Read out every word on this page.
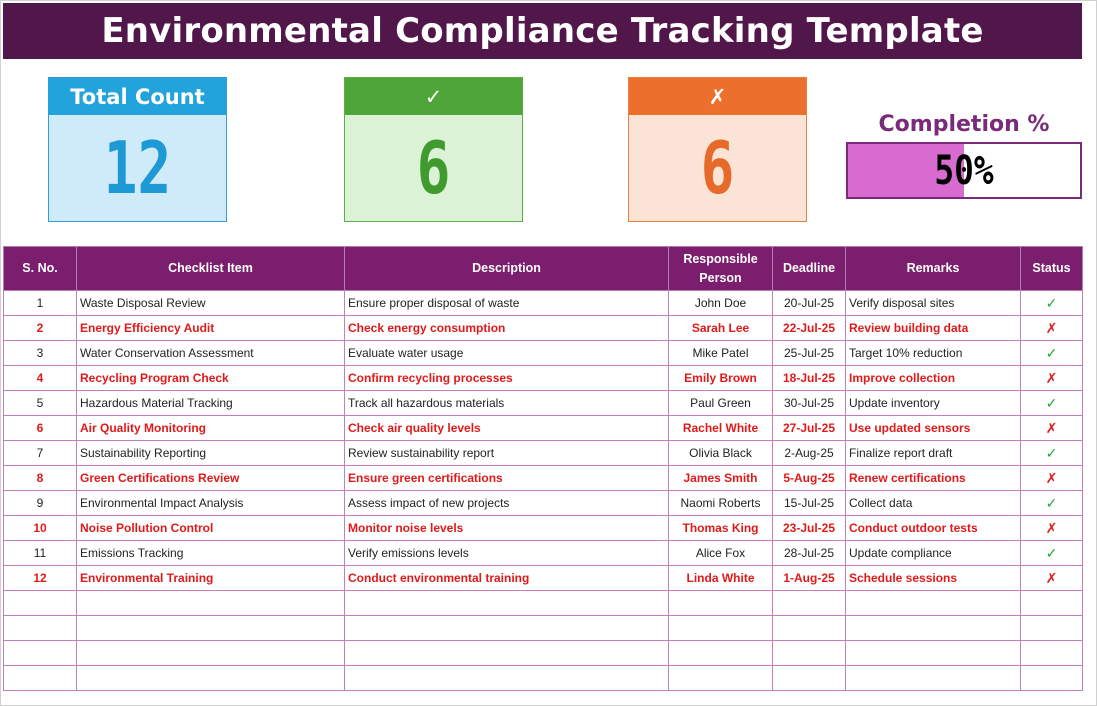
Environmental Compliance Tracking Template
Total Count
12
✓
6
✗
6
Completion %
50%
S. No.	Checklist Item	Description	Responsible Person	Deadline	Remarks	Status
1	Waste Disposal Review	Ensure proper disposal of waste	John Doe	20-Jul-25	Verify disposal sites	✓
2	Energy Efficiency Audit	Check energy consumption	Sarah Lee	22-Jul-25	Review building data	✗
3	Water Conservation Assessment	Evaluate water usage	Mike Patel	25-Jul-25	Target 10% reduction	✓
4	Recycling Program Check	Confirm recycling processes	Emily Brown	18-Jul-25	Improve collection	✗
5	Hazardous Material Tracking	Track all hazardous materials	Paul Green	30-Jul-25	Update inventory	✓
6	Air Quality Monitoring	Check air quality levels	Rachel White	27-Jul-25	Use updated sensors	✗
7	Sustainability Reporting	Review sustainability report	Olivia Black	2-Aug-25	Finalize report draft	✓
8	Green Certifications Review	Ensure green certifications	James Smith	5-Aug-25	Renew certifications	✗
9	Environmental Impact Analysis	Assess impact of new projects	Naomi Roberts	15-Jul-25	Collect data	✓
10	Noise Pollution Control	Monitor noise levels	Thomas King	23-Jul-25	Conduct outdoor tests	✗
11	Emissions Tracking	Verify emissions levels	Alice Fox	28-Jul-25	Update compliance	✓
12	Environmental Training	Conduct environmental training	Linda White	1-Aug-25	Schedule sessions	✗
